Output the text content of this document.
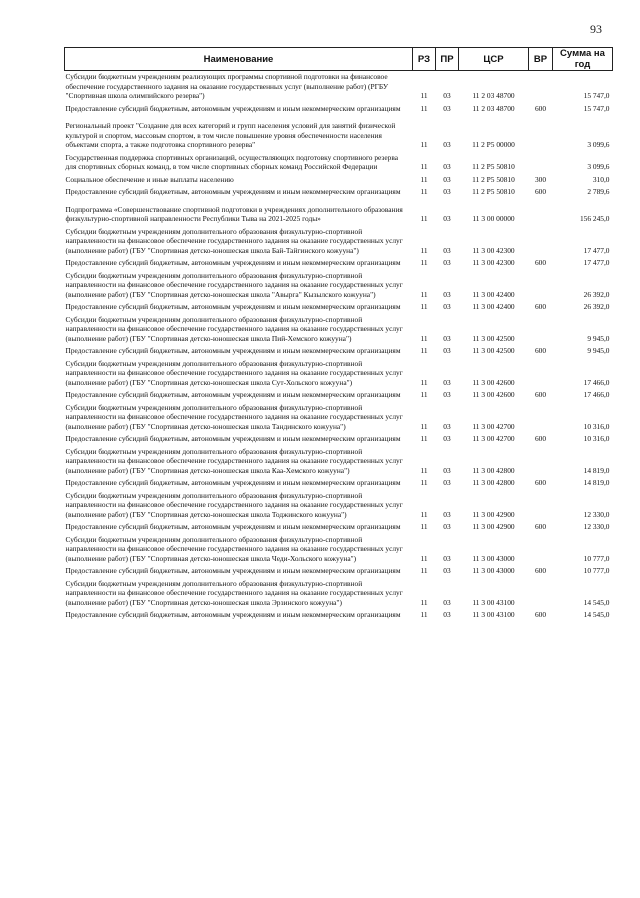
93
Наименование	РЗ	ПР	ЦСР	ВР	Сумма на год
Субсидии бюджетным учреждениям реализующих программы спортивной подготовки на финансовое обеспечение государственного задания на оказание государственных услуг (выполнение работ) (РГБУ "Спортивная школа олимпийского резерва")	11	03	11 2 03 48700		15 747,0
Предоставление субсидий бюджетным, автономным учреждениям и иным некоммерческим организациям	11	03	11 2 03 48700	600	15 747,0
Региональный проект "Создание для всех категорий и групп населения условий для занятий физической культурой и спортом, массовым спортом, в том числе повышение уровня обеспеченности населения объектами спорта, а также подготовка спортивного резерва"	11	03	11 2 P5 00000		3 099,6
Государственная поддержка спортивных организаций, осуществляющих подготовку спортивного резерва для спортивных сборных команд, в том числе спортивных сборных команд Российской Федерации	11	03	11 2 P5 50810		3 099,6
Социальное обеспечение и иные выплаты населению	11	03	11 2 P5 50810	300	310,0
Предоставление субсидий бюджетным, автономным учреждениям и иным некоммерческим организациям	11	03	11 2 P5 50810	600	2 789,6
Подпрограмма «Совершенствование спортивной подготовки в учреждениях дополнительного образования физкультурно-спортивной направленности Республики Тыва на 2021-2025 годы»	11	03	11 3 00 00000		156 245,0
Субсидии бюджетным учреждениям дополнительного образования физкультурно-спортивной направленности на финансовое обеспечение государственного задания на оказание государственных услуг (выполнение работ) (ГБУ "Спортивная детско-юношеская школа Бай-Тайгинского кожууна")	11	03	11 3 00 42300		17 477,0
Предоставление субсидий бюджетным, автономным учреждениям и иным некоммерческим организациям	11	03	11 3 00 42300	600	17 477,0
Субсидии бюджетным учреждениям дополнительного образования физкультурно-спортивной направленности на финансовое обеспечение государственного задания на оказание государственных услуг (выполнение работ) (ГБУ "Спортивная детско-юношеская школа "Авырга" Кызылского кожууна")	11	03	11 3 00 42400		26 392,0
Предоставление субсидий бюджетным, автономным учреждениям и иным некоммерческим организациям	11	03	11 3 00 42400	600	26 392,0
Субсидии бюджетным учреждениям дополнительного образования физкультурно-спортивной направленности на финансовое обеспечение государственного задания на оказание государственных услуг (выполнение работ) (ГБУ "Спортивная детско-юношеская школа Пий-Хемского кожууна")	11	03	11 3 00 42500		9 945,0
Предоставление субсидий бюджетным, автономным учреждениям и иным некоммерческим организациям	11	03	11 3 00 42500	600	9 945,0
Субсидии бюджетным учреждениям дополнительного образования физкультурно-спортивной направленности на финансовое обеспечение государственного задания на оказание государственных услуг (выполнение работ) (ГБУ "Спортивная детско-юношеская школа Сут-Хольского кожууна")	11	03	11 3 00 42600		17 466,0
Предоставление субсидий бюджетным, автономным учреждениям и иным некоммерческим организациям	11	03	11 3 00 42600	600	17 466,0
Субсидии бюджетным учреждениям дополнительного образования физкультурно-спортивной направленности на финансовое обеспечение государственного задания на оказание государственных услуг (выполнение работ) (ГБУ "Спортивная детско-юношеская школа Тандинского кожууна")	11	03	11 3 00 42700		10 316,0
Предоставление субсидий бюджетным, автономным учреждениям и иным некоммерческим организациям	11	03	11 3 00 42700	600	10 316,0
Субсидии бюджетным учреждениям дополнительного образования физкультурно-спортивной направленности на финансовое обеспечение государственного задания на оказание государственных услуг (выполнение работ) (ГБУ "Спортивная детско-юношеская школа Каа-Хемского кожууна")	11	03	11 3 00 42800		14 819,0
Предоставление субсидий бюджетным, автономным учреждениям и иным некоммерческим организациям	11	03	11 3 00 42800	600	14 819,0
Субсидии бюджетным учреждениям дополнительного образования физкультурно-спортивной направленности на финансовое обеспечение государственного задания на оказание государственных услуг (выполнение работ) (ГБУ "Спортивная детско-юношеская школа Тоджинского кожууна")	11	03	11 3 00 42900		12 330,0
Предоставление субсидий бюджетным, автономным учреждениям и иным некоммерческим организациям	11	03	11 3 00 42900	600	12 330,0
Субсидии бюджетным учреждениям дополнительного образования физкультурно-спортивной направленности на финансовое обеспечение государственного задания на оказание государственных услуг (выполнение работ) (ГБУ "Спортивная детско-юношеская школа Чеди-Хольского кожууна")	11	03	11 3 00 43000		10 777,0
Предоставление субсидий бюджетным, автономным учреждениям и иным некоммерческим организациям	11	03	11 3 00 43000	600	10 777,0
Субсидии бюджетным учреждениям дополнительного образования физкультурно-спортивной направленности на финансовое обеспечение государственного задания на оказание государственных услуг (выполнение работ) (ГБУ "Спортивная детско-юношеская школа Эрзинского кожууна")	11	03	11 3 00 43100		14 545,0
Предоставление субсидий бюджетным, автономным учреждениям и иным некоммерческим организациям	11	03	11 3 00 43100	600	14 545,0
